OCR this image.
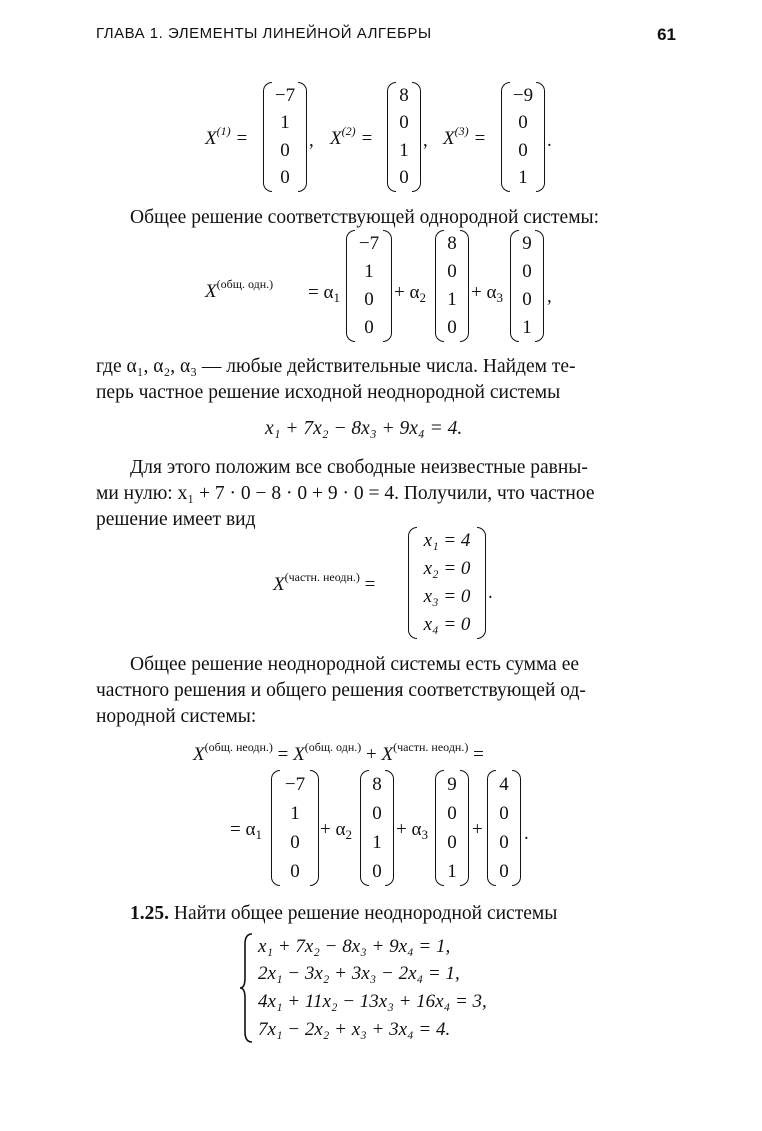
ГЛАВА 1. ЭЛЕМЕНТЫ ЛИНЕЙНОЙ АЛГЕБРЫ	61
$X^{(1)}$ =
−7
1
0
0
, $X^{(2)}$ =
8
0
1
0
, $X^{(3)}$ =
−9
0
0
1
.
Общее решение соответствующей однородной системы:
$X^{(общ. одн.)} = \alpha_1$
−7
1
0
0
+ $\alpha_2$
8
0
1
0
+ $\alpha_3$
9
0
0
1
,
где α₁, α₂, α₃ — любые действительные числа. Найдем те-
перь частное решение исходной неоднородной системы
x₁ + 7x₂ − 8x₃ + 9x₄ = 4.
Для этого положим все свободные неизвестные равны-
ми нулю: x₁ + 7 · 0 − 8 · 0 + 9 · 0 = 4. Получили, что частное
решение имеет вид
$X^{(частн. неодн.)}$ =
x₁ = 4
x₂ = 0
x₃ = 0
x₄ = 0
.
Общее решение неоднородной системы есть сумма ее
частного решения и общего решения соответствующей од-
нородной системы:
$X^{(общ. неодн.)} = X^{(общ. одн.)} + X^{(частн. неодн.)}$ =
= $\alpha_1$
−7
1
0
0
+ $\alpha_2$
8
0
1
0
+ $\alpha_3$
9
0
0
1
+
4
0
0
0
.
1.25. Найти общее решение неоднородной системы
x₁ + 7x₂ − 8x₃ + 9x₄ = 1,
2x₁ − 3x₂ + 3x₃ − 2x₄ = 1,
4x₁ + 11x₂ − 13x₃ + 16x₄ = 3,
7x₁ − 2x₂ + x₃ + 3x₄ = 4.
